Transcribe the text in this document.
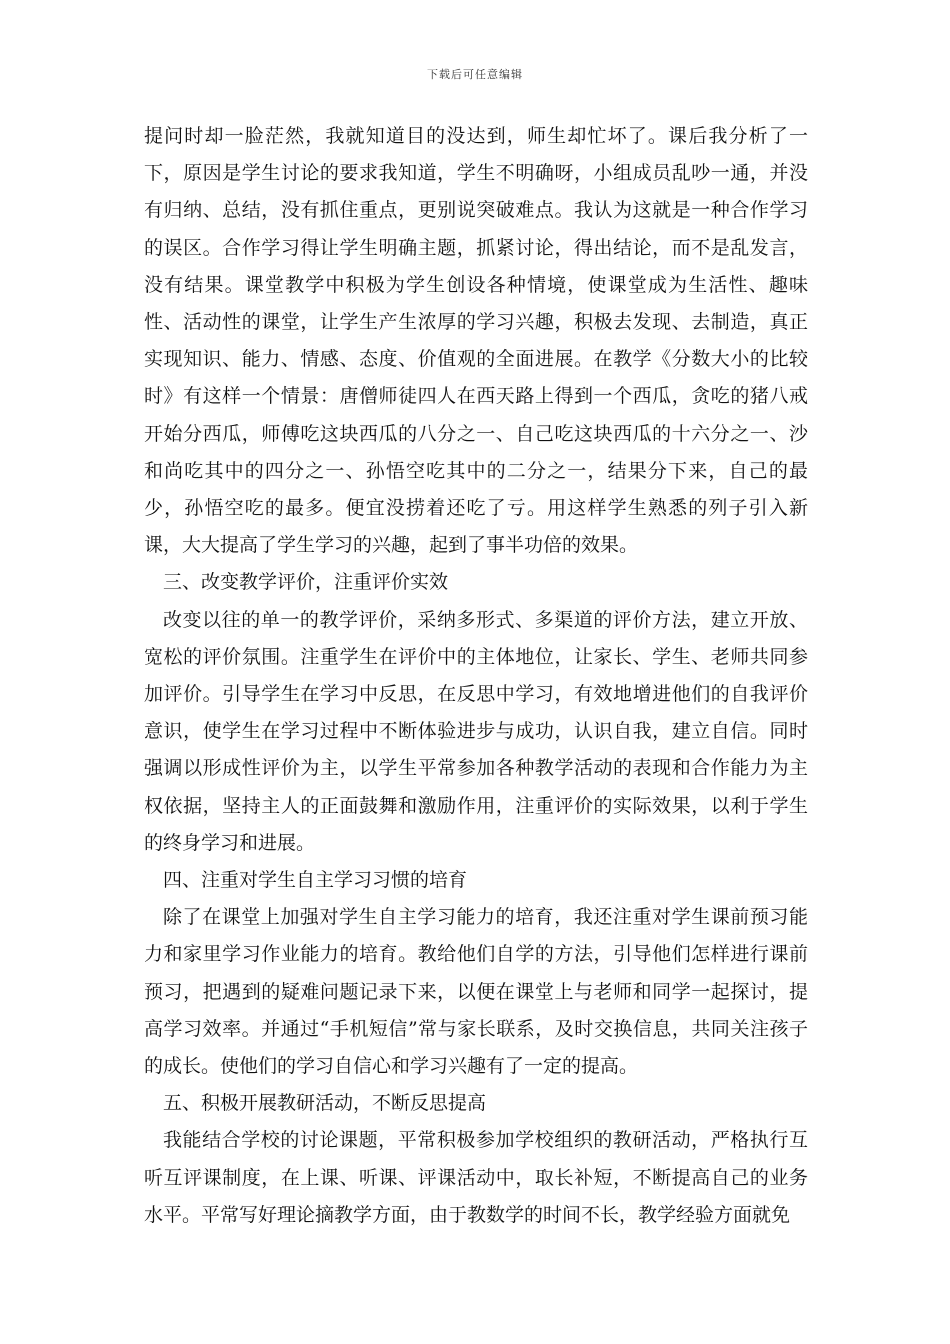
下载后可任意编辑

提问时却一脸茫然，我就知道目的没达到，师生却忙坏了。课后我分析了一下，原因是学生讨论的要求我知道，学生不明确呀，小组成员乱吵一通，并没有归纳、总结，没有抓住重点，更别说突破难点。我认为这就是一种合作学习的误区。合作学习得让学生明确主题，抓紧讨论，得出结论，而不是乱发言，没有结果。课堂教学中积极为学生创设各种情境，使课堂成为生活性、趣味性、活动性的课堂，让学生产生浓厚的学习兴趣，积极去发现、去制造，真正实现知识、能力、情感、态度、价值观的全面进展。在教学《分数大小的比较时》有这样一个情景：唐僧师徒四人在西天路上得到一个西瓜，贪吃的猪八戒开始分西瓜，师傅吃这块西瓜的八分之一、自己吃这块西瓜的十六分之一、沙和尚吃其中的四分之一、孙悟空吃其中的二分之一，结果分下来，自己的最少，孙悟空吃的最多。便宜没捞着还吃了亏。用这样学生熟悉的列子引入新课，大大提高了学生学习的兴趣，起到了事半功倍的效果。

三、改变教学评价，注重评价实效

改变以往的单一的教学评价，采纳多形式、多渠道的评价方法，建立开放、宽松的评价氛围。注重学生在评价中的主体地位，让家长、学生、老师共同参加评价。引导学生在学习中反思，在反思中学习，有效地增进他们的自我评价意识，使学生在学习过程中不断体验进步与成功，认识自我，建立自信。同时强调以形成性评价为主，以学生平常参加各种教学活动的表现和合作能力为主权依据，坚持主人的正面鼓舞和激励作用，注重评价的实际效果，以利于学生的终身学习和进展。

四、注重对学生自主学习习惯的培育

除了在课堂上加强对学生自主学习能力的培育，我还注重对学生课前预习能力和家里学习作业能力的培育。教给他们自学的方法，引导他们怎样进行课前预习，把遇到的疑难问题记录下来，以便在课堂上与老师和同学一起探讨，提高学习效率。并通过“手机短信”常与家长联系，及时交换信息，共同关注孩子的成长。使他们的学习自信心和学习兴趣有了一定的提高。

五、积极开展教研活动，不断反思提高

我能结合学校的讨论课题，平常积极参加学校组织的教研活动，严格执行互听互评课制度，在上课、听课、评课活动中，取长补短，不断提高自己的业务水平。平常写好理论摘教学方面，由于教数学的时间不长，教学经验方面就免
